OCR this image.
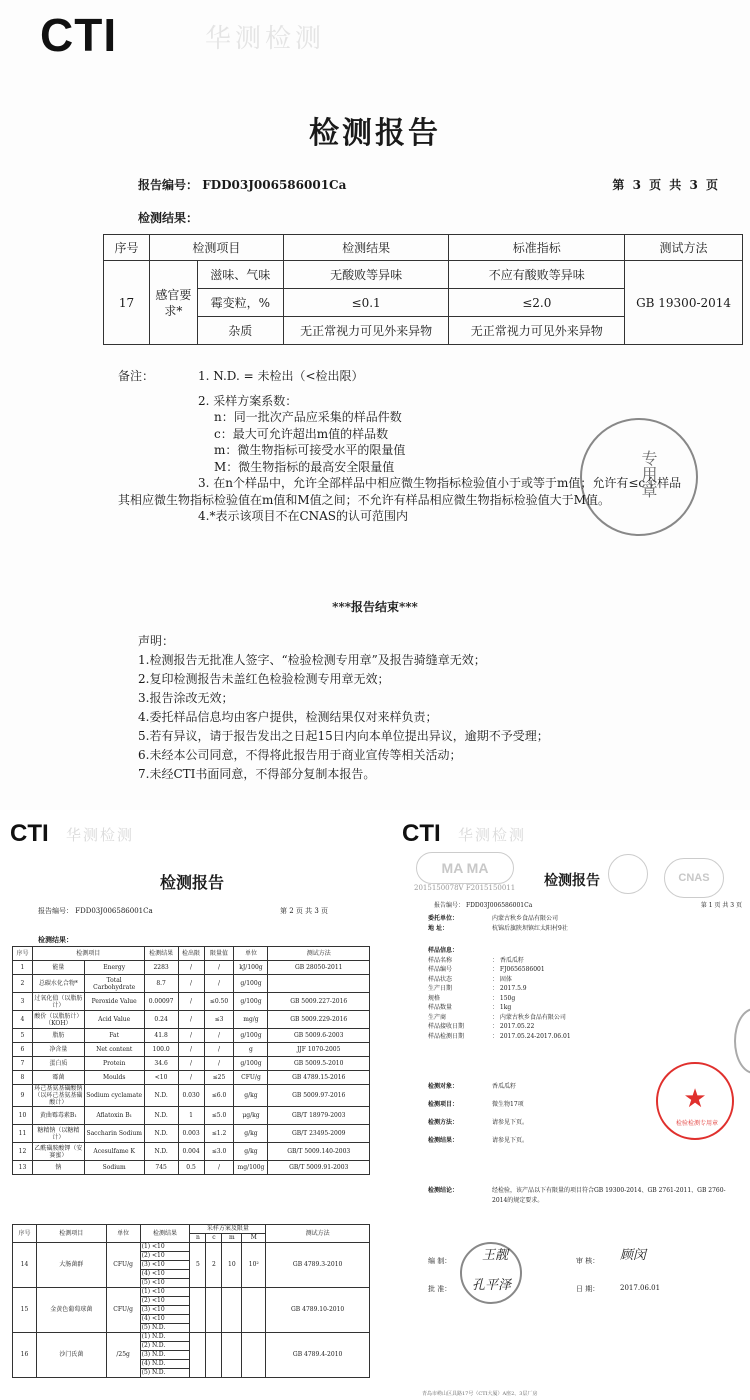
CTI	华测检测
检测报告
报告编号： FDD03J006586001Ca	第 3 页 共 3 页
检测结果：
序号	检测项目		检测结果	标准指标	测试方法
17	感官要求*	滋味、气味	无酸败等异味	不应有酸败等异味	GB 19300-2014
		霉变粒，%	≤0.1	≤2.0	
		杂质	无正常视力可见外来异物	无正常视力可见外来异物	
备注：	1. N.D. = 未检出（<检出限）
2. 采样方案系数：
n：同一批次产品应采集的样品件数
c：最大可允许超出m值的样品数
m：微生物指标可接受水平的限量值
M：微生物指标的最高安全限量值
3. 在n个样品中，允许全部样品中相应微生物指标检验值小于或等于m值；允许有≤c个样品
其相应微生物指标检验值在m值和M值之间；不允许有样品相应微生物指标检验值大于M值。
4.*表示该项目不在CNAS的认可范围内
专用章
***报告结束***
声明：
1.检测报告无批准人签字、“检验检测专用章”及报告骑缝章无效；
2.复印检测报告未盖红色检验检测专用章无效；
3.报告涂改无效；
4.委托样品信息均由客户提供，检测结果仅对来样负责；
5.若有异议，请于报告发出之日起15日内向本单位提出异议，逾期不予受理；
6.未经本公司同意，不得将此报告用于商业宣传等相关活动；
7.未经CTI书面同意，不得部分复制本报告。
CTI 华测检测
检测报告
报告编号： FDD03J006586001Ca	第 2 页 共 3 页
检测结果：
序号	检测项目		检测结果	检出限	限量值	单位	测试方法
1	能量	Energy	2283	/	/	kJ/100g	GB 28050-2011
2	总碳水化合物*	Total Carbohydrate	8.7	/	/	g/100g	
3	过氧化值（以脂肪计）	Peroxide Value	0.00097	/	≤0.50	g/100g	GB 5009.227-2016
4	酸价（以脂肪计）（KOH）	Acid Value	0.24	/	≤3	mg/g	GB 5009.229-2016
5	脂肪	Fat	41.8	/	/	g/100g	GB 5009.6-2003
6	净含量	Net content	100.0	/	/	g	JJF 1070-2005
7	蛋白质	Protein	34.6	/	/	g/100g	GB 5009.5-2010
8	霉菌	Moulds	<10	/	≤25	CFU/g	GB 4789.15-2016
9	环己基氨基磺酸钠（以环己基氨基磺酸计）	Sodium cyclamate	N.D.	0.030	≤6.0	g/kg	GB 5009.97-2016
10	黄曲霉毒素B₁	Aflatoxin B₁	N.D.	1	≤5.0	μg/kg	GB/T 18979-2003
11	糖精钠（以糖精计）	Saccharin Sodium	N.D.	0.003	≤1.2	g/kg	GB/T 23495-2009
12	乙酰磺胺酸钾（安赛蜜）	Acesulfame K	N.D.	0.004	≤3.0	g/kg	GB/T 5009.140-2003
13	钠	Sodium	745	0.5	/	mg/100g	GB/T 5009.91-2003
序号	检测项目	单位	检测结果	采样方案及限量				测试方法
				n	c	m	M	
14	大肠菌群	CFU/g	(1) <10	5	2	10	10²	GB 4789.3-2010
			(2) <10					
			(3) <10					
			(4) <10					
			(5) <10					
15	金黄色葡萄球菌	CFU/g	(1) <10					GB 4789.10-2010
			(2) <10					
			(3) <10					
			(4) <10					
			(5) N.D.					
16	沙门氏菌	/25g	(1) N.D.					GB 4789.4-2010
			(2) N.D.					
			(3) N.D.					
			(4) N.D.					
			(5) N.D.					
CTI 华测检测
MA MA
2015150078V F2015150011
CNAS
检测报告
报告编号： FDD03J006586001Ca	第 1 页 共 3 页
委托单位：	内蒙古秋乡食品有限公司
地 址：	杭锦后旗陕坝镇红太阳村9社
样品信息：
样品名称	： 香瓜瓜籽
样品编号	： FJ0656586001
样品状态	： 固体
生产日期	： 2017.5.9
规格	： 150g
样品数量	： 1kg
生产商	： 内蒙古秋乡食品有限公司
样品接收日期	： 2017.05.22
样品检测日期	： 2017.05.24-2017.06.01
检测对象：	香瓜瓜籽
检测项目：	微生物17项
检测方法：	请参见下页。
检测结果：	请参见下页。
检测结论：	经检验，该产品以下有限量的项目符合GB 19300-2014、GB 2761-2011、GB 2760-2014的规定要求。
★
检验检测专用章
编 制： 王靓	审 核： 顾闵
批 准： 孔平泽	日 期：	2017.06.01
青岛市崂山区具路17号（CTI大厦）A座2、3层厂房
